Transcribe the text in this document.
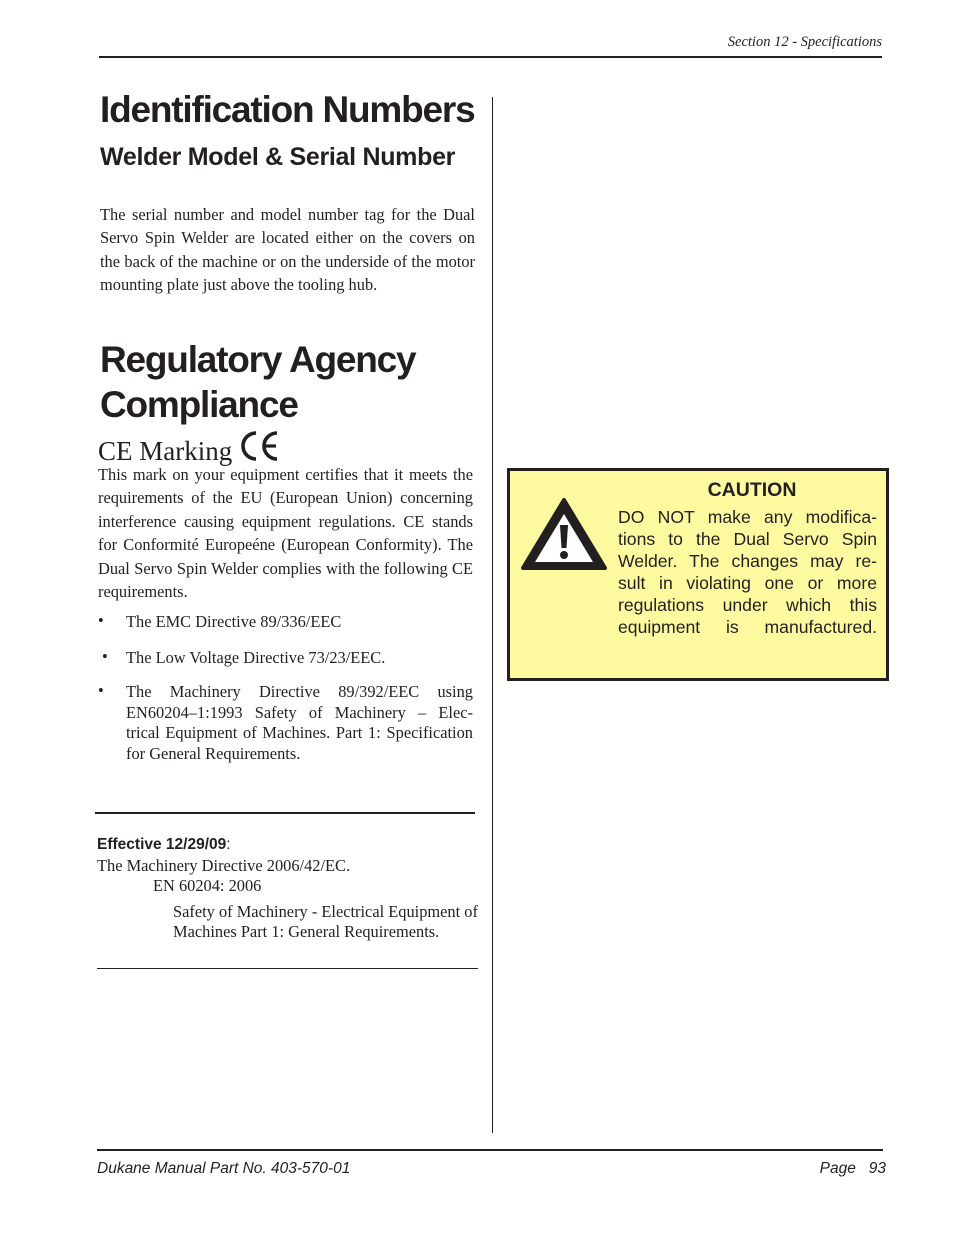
Section 12 - Specifications
Identification Numbers
Welder Model & Serial Number
The serial number and model number tag for the Dual Servo Spin Welder are located either on the covers on the back of the machine or on the underside of the motor mounting plate just above the tooling hub.
Regulatory Agency Compliance
CE Marking
This mark on your equipment certifies that it meets the requirements of the EU (European Union) concerning interference causing equipment regulations. CE stands for Conformité Europeéne (European Conformity). The Dual Servo Spin Welder complies with the following CE requirements.
• The EMC Directive 89/336/EEC
• The Low Voltage Directive 73/23/EEC.
• The Machinery Directive 89/392/EEC using
EN60204–1:1993 Safety of Machinery – Elec-
trical Equipment of Machines. Part 1: Specification
for General Requirements.
Effective 12/29/09:
The Machinery Directive 2006/42/EC.
EN 60204: 2006
Safety of Machinery - Electrical Equipment of Machines Part 1: General Requirements.
CAUTION
DO NOT make any modifica-
tions to the Dual Servo Spin
Welder. The changes may re-
sult in violating one or more
regulations under which this
equipment is manufactured.
Dukane Manual Part No. 403-570-01	Page 93
